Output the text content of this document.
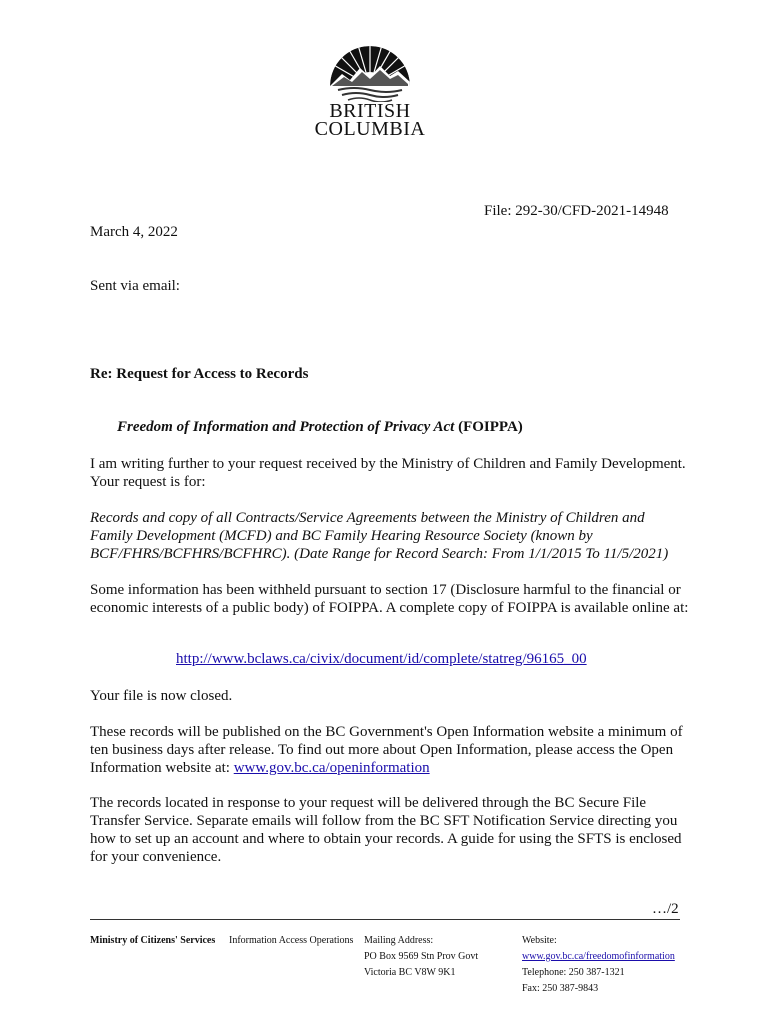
BRITISH
COLUMBIA
File: 292-30/CFD-2021-14948
March 4, 2022
Sent via email:
Re: Request for Access to Records
Freedom of Information and Protection of Privacy Act (FOIPPA)
I am writing further to your request received by the Ministry of Children and Family Development. Your request is for:
Records and copy of all Contracts/Service Agreements between the Ministry of Children and Family Development (MCFD) and BC Family Hearing Resource Society (known by BCF/FHRS/BCFHRS/BCFHRC). (Date Range for Record Search: From 1/1/2015 To 11/5/2021)
Some information has been withheld pursuant to section 17 (Disclosure harmful to the financial or economic interests of a public body) of FOIPPA. A complete copy of FOIPPA is available online at:
http://www.bclaws.ca/civix/document/id/complete/statreg/96165_00
Your file is now closed.
These records will be published on the BC Government's Open Information website a minimum of ten business days after release. To find out more about Open Information, please access the Open Information website at: www.gov.bc.ca/openinformation
The records located in response to your request will be delivered through the BC Secure File Transfer Service. Separate emails will follow from the BC SFT Notification Service directing you how to set up an account and where to obtain your records. A guide for using the SFTS is enclosed for your convenience.
…/2
Ministry of Citizens' Services Information Access Operations Mailing Address:
PO Box 9569 Stn Prov Govt
Victoria BC V8W 9K1
Website:
www.gov.bc.ca/freedomofinformation
Telephone: 250 387-1321
Fax: 250 387-9843
